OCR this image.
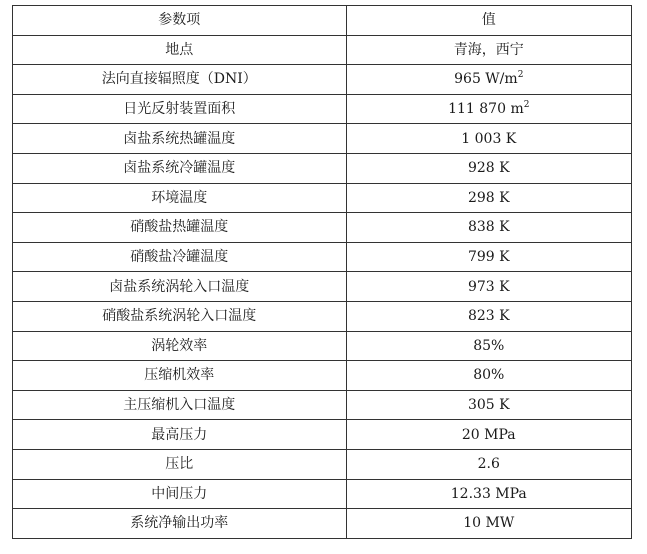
参数项	值
地点	青海，西宁
法向直接辐照度（DNI）	965 $W/m^2$
日光反射装置面积	111 870 $m^2$
卤盐系统热罐温度	1 003 K
卤盐系统冷罐温度	928 K
环境温度	298 K
硝酸盐热罐温度	838 K
硝酸盐冷罐温度	799 K
卤盐系统涡轮入口温度	973 K
硝酸盐系统涡轮入口温度	823 K
涡轮效率	85%
压缩机效率	80%
主压缩机入口温度	305 K
最高压力	20 MPa
压比	2.6
中间压力	12.33 MPa
系统净输出功率	10 MW
